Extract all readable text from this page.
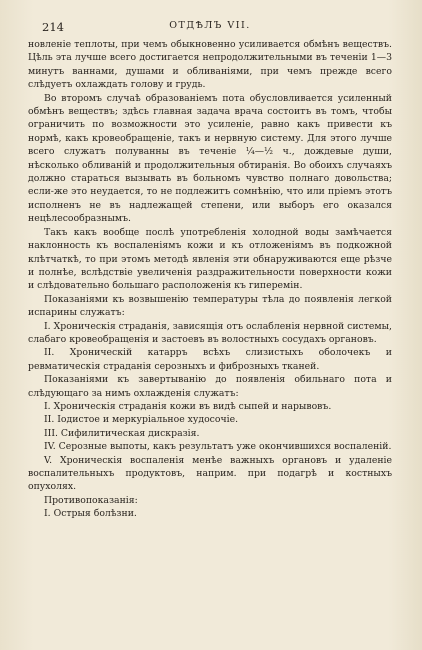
214	ОТДѢЛЪ VII.

новленіе теплоты, при чемъ обыкновенно усиливается обмѣнъ веществъ. Цѣль эта лучше всего достигается непродолжительными въ теченіи 1—3 минутъ ваннами, душами и обливаніями, при чемъ прежде всего слѣдуетъ охлаждать голову и грудь.

Во второмъ случаѣ образованіемъ пота обусловливается усиленный обмѣнъ веществъ; здѣсь главная задача врача состоитъ въ томъ, чтобы ограничить по возможности это усиленіе, равно какъ привести къ нормѣ, какъ кровеобращеніе, такъ и нервную систему. Для этого лучше всего служатъ полуванны въ теченіе ¼—½ ч., дождевые души, нѣсколько обливаній и продолжительныя обтиранія. Во обоихъ случаяхъ должно стараться вызывать въ больномъ чувство полнаго довольства; если-же это неудается, то не подлежитъ сомнѣнію, что или пріемъ этотъ исполненъ не въ надлежащей степени, или выборъ его оказался нецѣлесообразнымъ.

Такъ какъ вообще послѣ употребленія холодной воды замѣчается наклонность къ воспаленіямъ кожи и къ отложеніямъ въ подкожной клѣтчаткѣ, то при этомъ методѣ явленія эти обнаруживаются еще рѣзче и полнѣе, вслѣдствіе увеличенія раздражительности поверхности кожи и слѣдовательно большаго расположенія къ гиперемін.

Показаніями къ возвышенію температуры тѣла до появленія легкой испарины служатъ:

I. Хроническія страданія, зависящія отъ ослабленія нервной системы, слабаго кровеобращенія и застоевъ въ волостныхъ сосудахъ органовъ.

II. Хроническій катарръ всѣхъ слизистыхъ оболочекъ и ревматическія страданія серозныхъ и фиброзныхъ тканей.

Показаніями къ завертыванію до появленія обильнаго пота и слѣдующаго за нимъ охлажденія служатъ:

I. Хроническія страданія кожи въ видѣ сыпей и нарывовъ.

II. Іодистое и меркуріальное худосочіе.

III. Сифилитическая дискразія.

IV. Серозные выпоты, какъ результатъ уже окончившихся воспаленій.

V. Хроническія воспаленія менѣе важныхъ органовъ и удаленіе воспалительныхъ продуктовъ, наприм. при подагрѣ и костныхъ опухолях.

Противопоказанія:

I. Острыя болѣзни.
